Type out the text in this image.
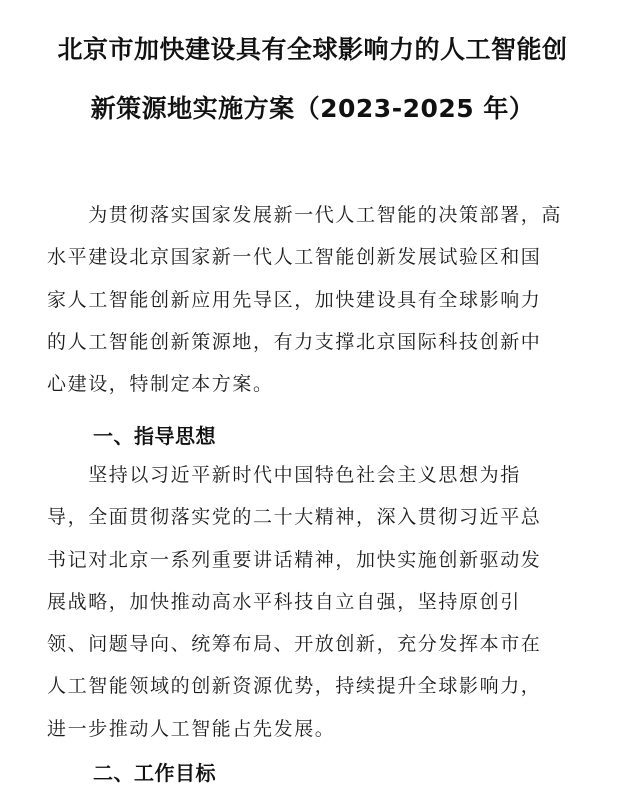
北京市加快建设具有全球影响力的人工智能创
新策源地实施方案（2023-2025 年）
　　为贯彻落实国家发展新一代人工智能的决策部署，高
水平建设北京国家新一代人工智能创新发展试验区和国
家人工智能创新应用先导区，加快建设具有全球影响力
的人工智能创新策源地，有力支撑北京国际科技创新中
心建设，特制定本方案。
一、指导思想
　　坚持以习近平新时代中国特色社会主义思想为指
导，全面贯彻落实党的二十大精神，深入贯彻习近平总
书记对北京一系列重要讲话精神，加快实施创新驱动发
展战略，加快推动高水平科技自立自强，坚持原创引
领、问题导向、统筹布局、开放创新，充分发挥本市在
人工智能领域的创新资源优势，持续提升全球影响力，
进一步推动人工智能占先发展。
二、工作目标
